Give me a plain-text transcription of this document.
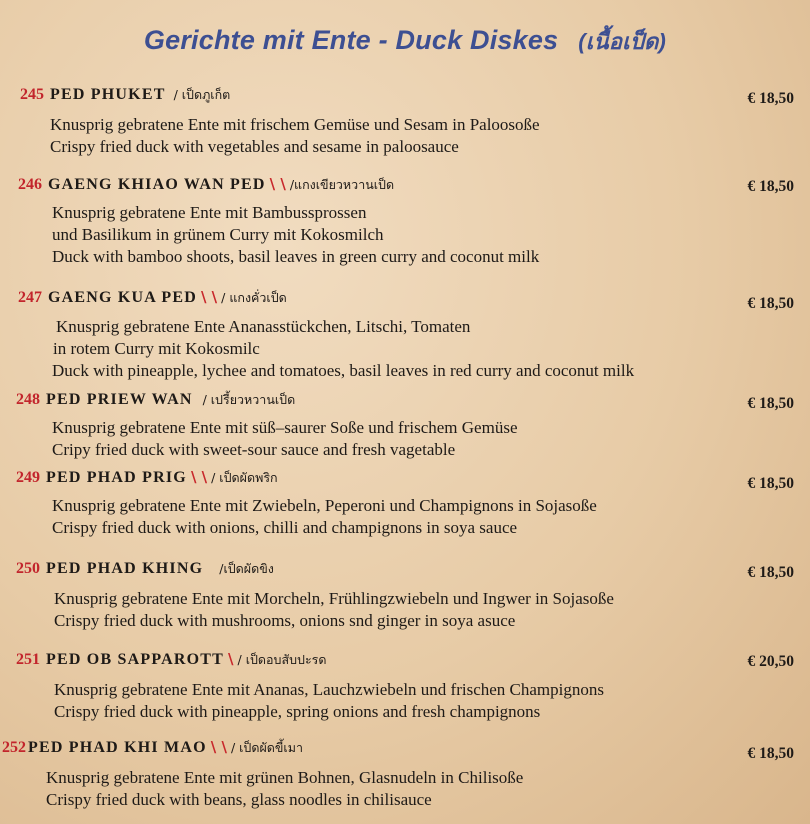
Gerichte mit Ente - Duck Diskes (เนื้อเป็ด)
245 PED PHUKET / เป็ดภูเก็ต	€ 18,50
Knusprig gebratene Ente mit frischem Gemüse und Sesam in Paloosoße
Crispy fried duck with vegetables and sesame in paloosauce
246 GAENG KHIAO WAN PED \ \ /แกงเขียวหวานเป็ด	€ 18,50
Knusprig gebratene Ente mit Bambussprossen
und Basilikum in grünem Curry mit Kokosmilch
Duck with bamboo shoots, basil leaves in green curry and coconut milk
247 GAENG KUA PED \ \ / แกงคั่วเป็ด	€ 18,50
Knusprig gebratene Ente Ananasstückchen, Litschi, Tomaten
in rotem Curry mit Kokosmilc
Duck with pineapple, lychee and tomatoes, basil leaves in red curry and coconut milk
248 PED PRIEW WAN / เปรี้ยวหวานเป็ด	€ 18,50
Knusprig gebratene Ente mit süß–saurer Soße und frischem Gemüse
Cripy fried duck with sweet-sour sauce and fresh vagetable
249 PED PHAD PRIG \ \ / เป็ดผัดพริก	€ 18,50
Knusprig gebratene Ente mit Zwiebeln, Peperoni und Champignons in Sojasoße
Crispy fried duck with onions, chilli and champignons in soya sauce
250 PED PHAD KHING /เป็ดผัดขิง	€ 18,50
Knusprig gebratene Ente mit Morcheln, Frühlingzwiebeln und Ingwer in Sojasoße
Crispy fried duck with mushrooms, onions snd ginger in soya asuce
251 PED OB SAPPAROTT \ / เป็ดอบสับปะรด	€ 20,50
Knusprig gebratene Ente mit Ananas, Lauchzwiebeln und frischen Champignons
Crispy fried duck with pineapple, spring onions and fresh champignons
252 PED PHAD KHI MAO \ \ / เป็ดผัดขี้เมา	€ 18,50
Knusprig gebratene Ente mit grünen Bohnen, Glasnudeln in Chilisoße
Crispy fried duck with beans, glass noodles in chilisauce
